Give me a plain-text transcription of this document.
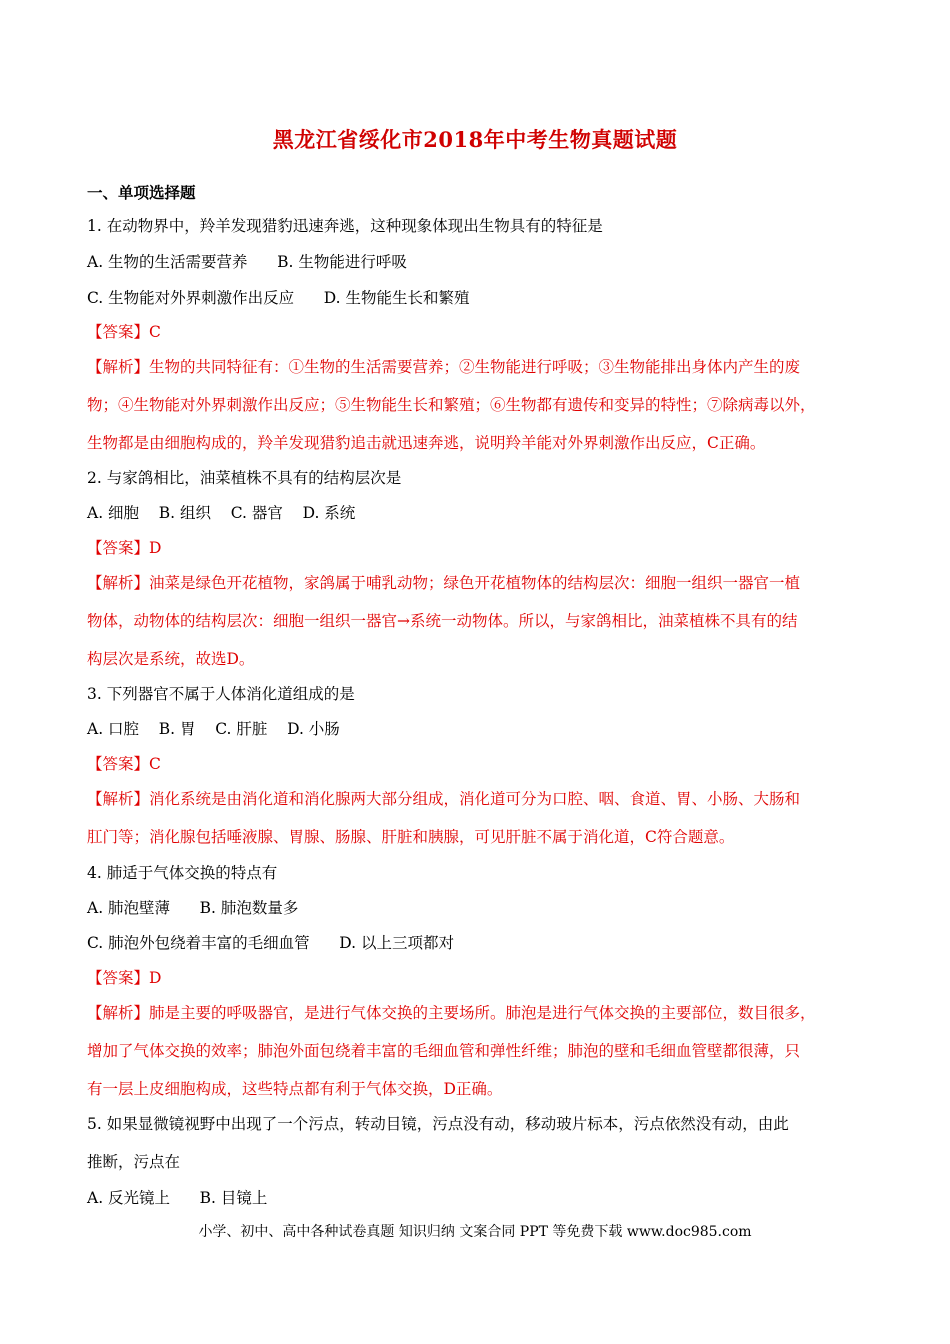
黑龙江省绥化市2018年中考生物真题试题
一、单项选择题
1. 在动物界中，羚羊发现猎豹迅速奔逃，这种现象体现出生物具有的特征是
A. 生物的生活需要营养      B. 生物能进行呼吸
C. 生物能对外界刺激作出反应      D. 生物能生长和繁殖
【答案】C
【解析】生物的共同特征有：①生物的生活需要营养；②生物能进行呼吸；③生物能排出身体内产生的废
物；④生物能对外界刺激作出反应；⑤生物能生长和繁殖；⑥生物都有遗传和变异的特性；⑦除病毒以外，
生物都是由细胞构成的，羚羊发现猎豹追击就迅速奔逃，说明羚羊能对外界刺激作出反应，C正确。
2. 与家鸽相比，油菜植株不具有的结构层次是
A. 细胞    B. 组织    C. 器官    D. 系统
【答案】D
【解析】油菜是绿色开花植物，家鸽属于哺乳动物；绿色开花植物体的结构层次：细胞一组织一器官一植
物体，动物体的结构层次：细胞一组织一器官→系统一动物体。所以，与家鸽相比，油菜植株不具有的结
构层次是系统，故选D。
3. 下列器官不属于人体消化道组成的是
A. 口腔    B. 胃    C. 肝脏    D. 小肠
【答案】C
【解析】消化系统是由消化道和消化腺两大部分组成，消化道可分为口腔、咽、食道、胃、小肠、大肠和
肛门等；消化腺包括唾液腺、胃腺、肠腺、肝脏和胰腺，可见肝脏不属于消化道，C符合题意。
4. 肺适于气体交换的特点有
A. 肺泡壁薄      B. 肺泡数量多
C. 肺泡外包绕着丰富的毛细血管      D. 以上三项都对
【答案】D
【解析】肺是主要的呼吸器官，是进行气体交换的主要场所。肺泡是进行气体交换的主要部位，数目很多，
增加了气体交换的效率；肺泡外面包绕着丰富的毛细血管和弹性纤维；肺泡的壁和毛细血管壁都很薄，只
有一层上皮细胞构成，这些特点都有利于气体交换，D正确。
5. 如果显微镜视野中出现了一个污点，转动目镜，污点没有动，移动玻片标本，污点依然没有动，由此
推断，污点在
A. 反光镜上      B. 目镜上
小学、初中、高中各种试卷真题 知识归纳 文案合同 PPT 等免费下载 www.doc985.com
